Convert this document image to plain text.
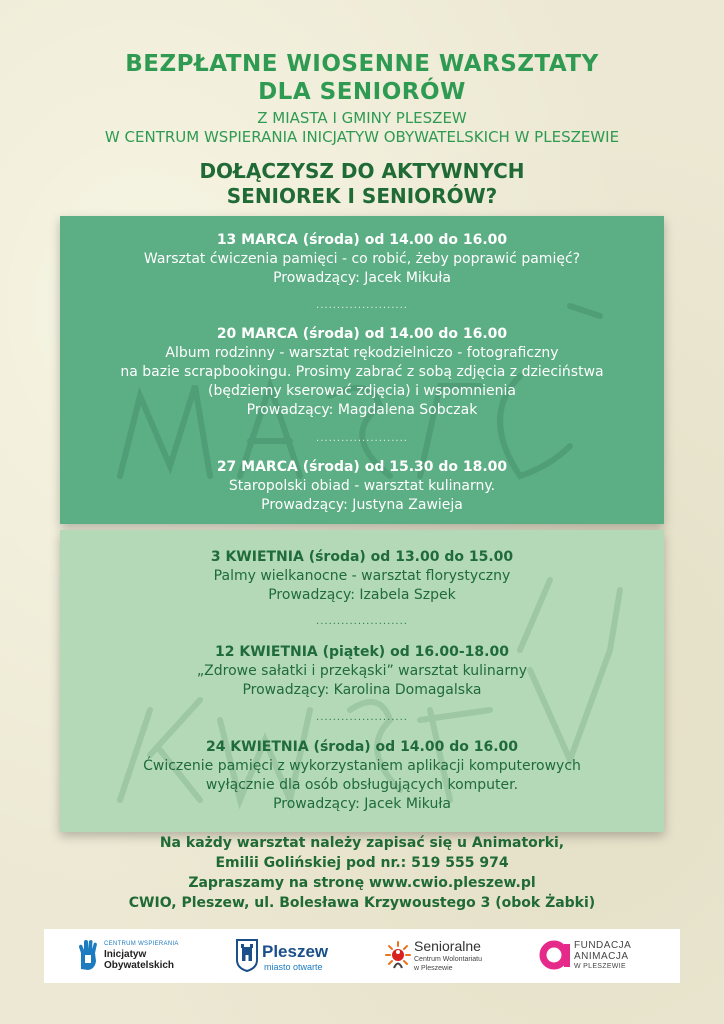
BEZPŁATNE WIOSENNE WARSZTATY
DLA SENIORÓW
Z MIASTA I GMINY PLESZEW
W CENTRUM WSPIERANIA INICJATYW OBYWATELSKICH W PLESZEWIE
DOŁĄCZYSZ DO AKTYWNYCH
SENIOREK I SENIORÓW?
13 MARCA (środa) od 14.00 do 16.00
Warsztat ćwiczenia pamięci - co robić, żeby poprawić pamięć?
Prowadzący: Jacek Mikuła
......................
20 MARCA (środa) od 14.00 do 16.00
Album rodzinny - warsztat rękodzielniczo - fotograficzny
na bazie scrapbookingu. Prosimy zabrać z sobą zdjęcia z dzieciństwa
(będziemy kserować zdjęcia) i wspomnienia
Prowadzący: Magdalena Sobczak
......................
27 MARCA (środa) od 15.30 do 18.00
Staropolski obiad - warsztat kulinarny.
Prowadzący: Justyna Zawieja
3 KWIETNIA (środa) od 13.00 do 15.00
Palmy wielkanocne - warsztat florystyczny
Prowadzący: Izabela Szpek
......................
12 KWIETNIA (piątek) od 16.00-18.00
„Zdrowe sałatki i przekąski” warsztat kulinarny
Prowadzący: Karolina Domagalska
......................
24 KWIETNIA (środa) od 14.00 do 16.00
Ćwiczenie pamięci z wykorzystaniem aplikacji komputerowych
wyłącznie dla osób obsługujących komputer.
Prowadzący: Jacek Mikuła
Na każdy warsztat należy zapisać się u Animatorki,
Emilii Golińskiej pod nr.: 519 555 974
Zapraszamy na stronę www.cwio.pleszew.pl
CWIO, Pleszew, ul. Bolesława Krzywoustego 3 (obok Żabki)
CENTRUM WSPIERANIA
Inicjatyw
Obywatelskich
Pleszew
miasto otwarte
Senioralne
Centrum Wolontariatu
w Pleszewie
FUNDACJA
ANIMACJA
W PLESZEWIE
